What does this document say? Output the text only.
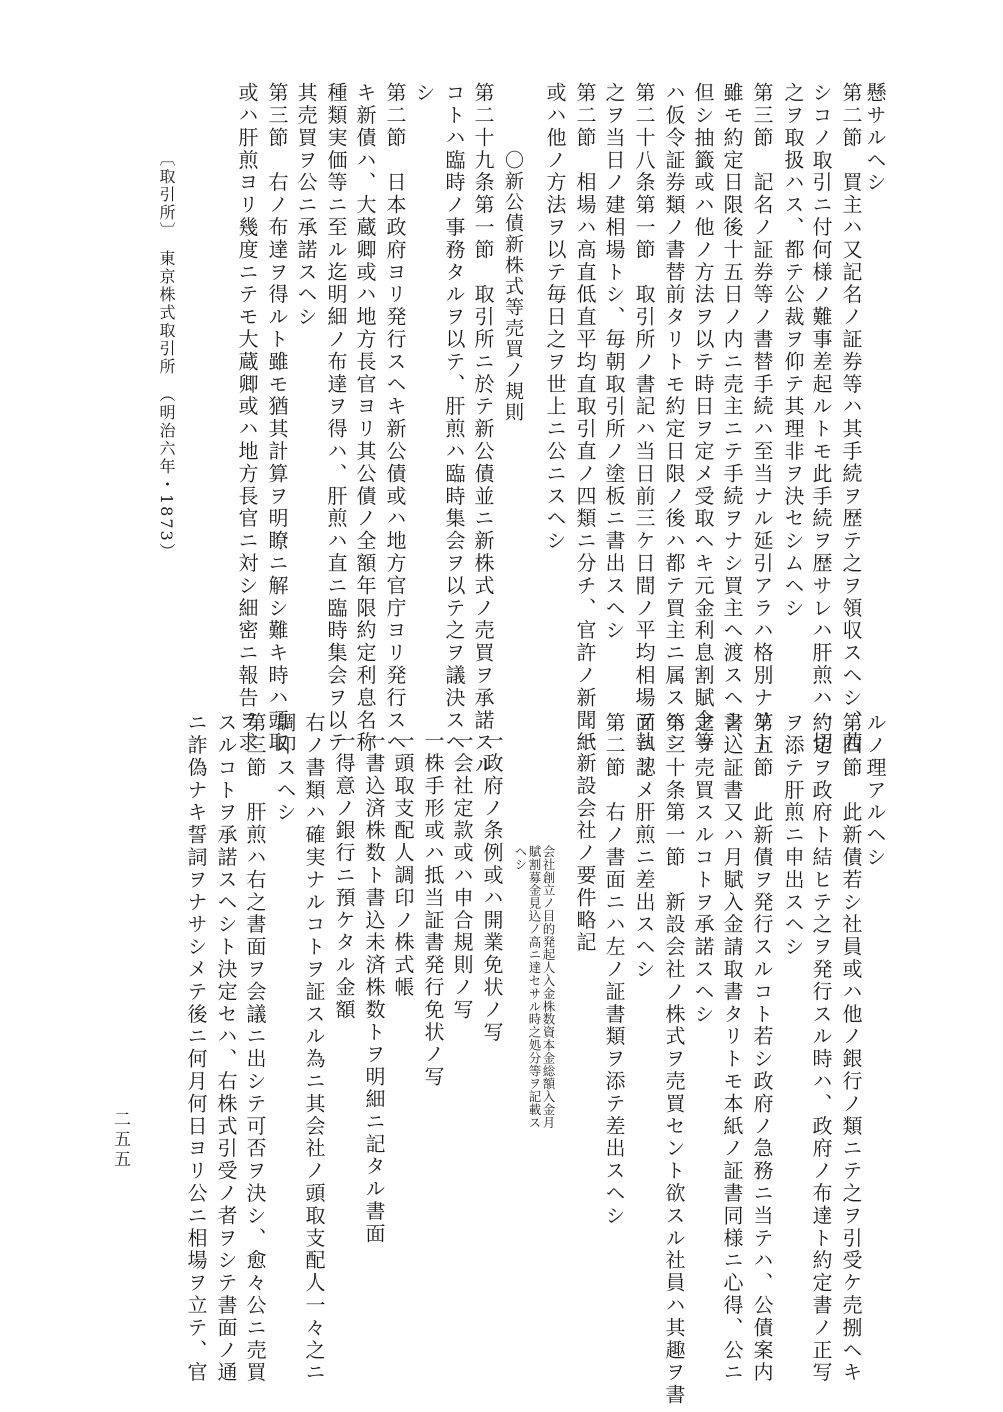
懸サルヘシ
第二節　買主ハ又記名ノ証券等ハ其手続ヲ歴テ之ヲ領収スヘシ、若
シコノ取引ニ付何様ノ難事差起ルトモ此手続ヲ歴サレハ肝煎ハ一切
之ヲ取扱ハス、都テ公裁ヲ仰テ其理非ヲ決セシムヘシ
第三節　記名ノ証券等ノ書替手続ハ至当ナル延引アラハ格別ナリト
雖モ約定日限後十五日ノ内ニ売主ニテ手続ヲナシ買主ヘ渡スヘシ、
但シ抽籤或ハ他ノ方法ヲ以テ時日ヲ定メ受取ヘキ元金利息割賦金等
ハ仮令証券類ノ書替前タリトモ約定日限ノ後ハ都テ買主ニ属スヘシ
第二十八条第一節　取引所ノ書記ハ当日前三ケ日間ノ平均相場ヲ執リ
之ヲ当日ノ建相場トシ、毎朝取引所ノ塗板ニ書出スヘシ
第二節　相場ハ高直低直平均直取引直ノ四類ニ分チ、官許ノ新聞紙
或ハ他ノ方法ヲ以テ毎日之ヲ世上ニ公ニスヘシ
〇新公債新株式等売買ノ規則
第二十九条第一節　取引所ニ於テ新公債並ニ新株式ノ売買ヲ承諾スル
コトハ臨時ノ事務タルヲ以テ、肝煎ハ臨時集会ヲ以テ之ヲ議決スヘ
シ
第二節　日本政府ヨリ発行スヘキ新公債或ハ地方官庁ヨリ発行スヘ
キ新債ハ、大蔵卿或ハ地方長官ヨリ其公債ノ全額年限約定利息名称
種類実価等ニ至ル迄明細ノ布達ヲ得ハ、肝煎ハ直ニ臨時集会ヲ以テ
其売買ヲ公ニ承諾スヘシ
第三節　右ノ布達ヲ得ルト雖モ猶其計算ヲ明瞭ニ解シ難キ時ハ頭取
或ハ肝煎ヨリ幾度ニテモ大蔵卿或ハ地方長官ニ対シ細密ニ報告ヲ求
〔取引所〕　東京株式取引所　（明治六年・1873）
ルノ理アルヘシ
第四節　此新債若シ社員或ハ他ノ銀行ノ類ニテ之ヲ引受ケ売捌ヘキ
約定ヲ政府ト結ヒテ之ヲ発行スル時ハ、政府ノ布達ト約定書ノ正写
ヲ添テ肝煎ニ申出スヘシ
第五節　此新債ヲ発行スルコト若シ政府ノ急務ニ当テハ、公債案内
書込証書又ハ月賦入金請取書タリトモ本紙ノ証書同様ニ心得、公ニ
之ヲ売買スルコトヲ承諾スヘシ
第三十条第一節　新設会社ノ株式ヲ売買セント欲スル社員ハ其趣ヲ書
面ニ認メ肝煎ニ差出スヘシ
第二節　右ノ書面ニハ左ノ証書類ヲ添テ差出スヘシ
一新設会社ノ要件略記
会社創立ノ目的発起人入金株数資本金総額入金月
賦割募金見込ノ高ニ達セサル時之処分等ヲ記載ス
ヘシ
一政府ノ条例或ハ開業免状ノ写
一会社定款或ハ申合規則ノ写
一株手形或ハ抵当証書発行免状ノ写
一頭取支配人調印ノ株式帳
一書込済株数ト書込未済株数トヲ明細ニ記タル書面
一得意ノ銀行ニ預ケタル金額
右ノ書類ハ確実ナルコトヲ証スル為ニ其会社ノ頭取支配人一々之ニ
調印スヘシ
第三節　肝煎ハ右之書面ヲ会議ニ出シテ可否ヲ決シ、愈々公ニ売買
スルコトヲ承諾スヘシト決定セハ、右株式引受ノ者ヲシテ書面ノ通
ニ詐偽ナキ誓詞ヲナサシメテ後ニ何月何日ヨリ公ニ相場ヲ立テ、官
二五五
